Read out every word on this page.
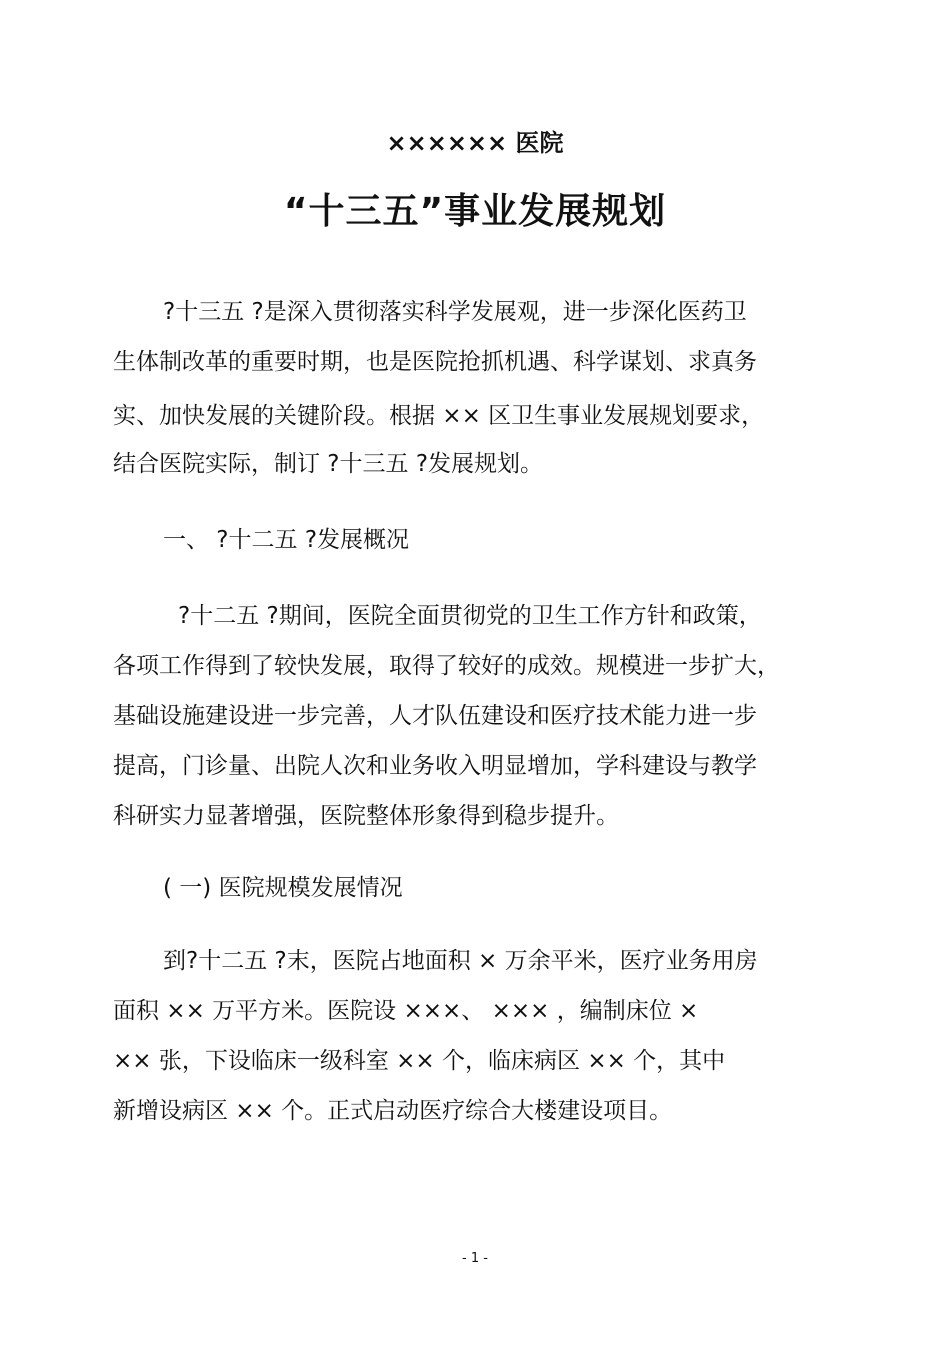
×××××× 医院
“十三五”事业发展规划

?十三五 ?是深入贯彻落实科学发展观，进一步深化医药卫

生体制改革的重要时期，也是医院抢抓机遇、科学谋划、求真务

实、加快发展的关键阶段。根据 ×× 区卫生事业发展规划要求，

结合医院实际，制订 ?十三五 ?发展规划。

一、 ?十二五 ?发展概况

?十二五 ?期间，医院全面贯彻党的卫生工作方针和政策，

各项工作得到了较快发展，取得了较好的成效。规模进一步扩大，

基础设施建设进一步完善，人才队伍建设和医疗技术能力进一步

提高，门诊量、出院人次和业务收入明显增加，学科建设与教学

科研实力显著增强，医院整体形象得到稳步提升。

( 一) 医院规模发展情况

到?十二五 ?末，医院占地面积 × 万余平米，医疗业务用房

面积 ×× 万平方米。医院设 ×××、 ××× ，编制床位 ×

×× 张，下设临床一级科室 ×× 个，临床病区 ×× 个，其中

新增设病区 ×× 个。正式启动医疗综合大楼建设项目。

- 1 -
